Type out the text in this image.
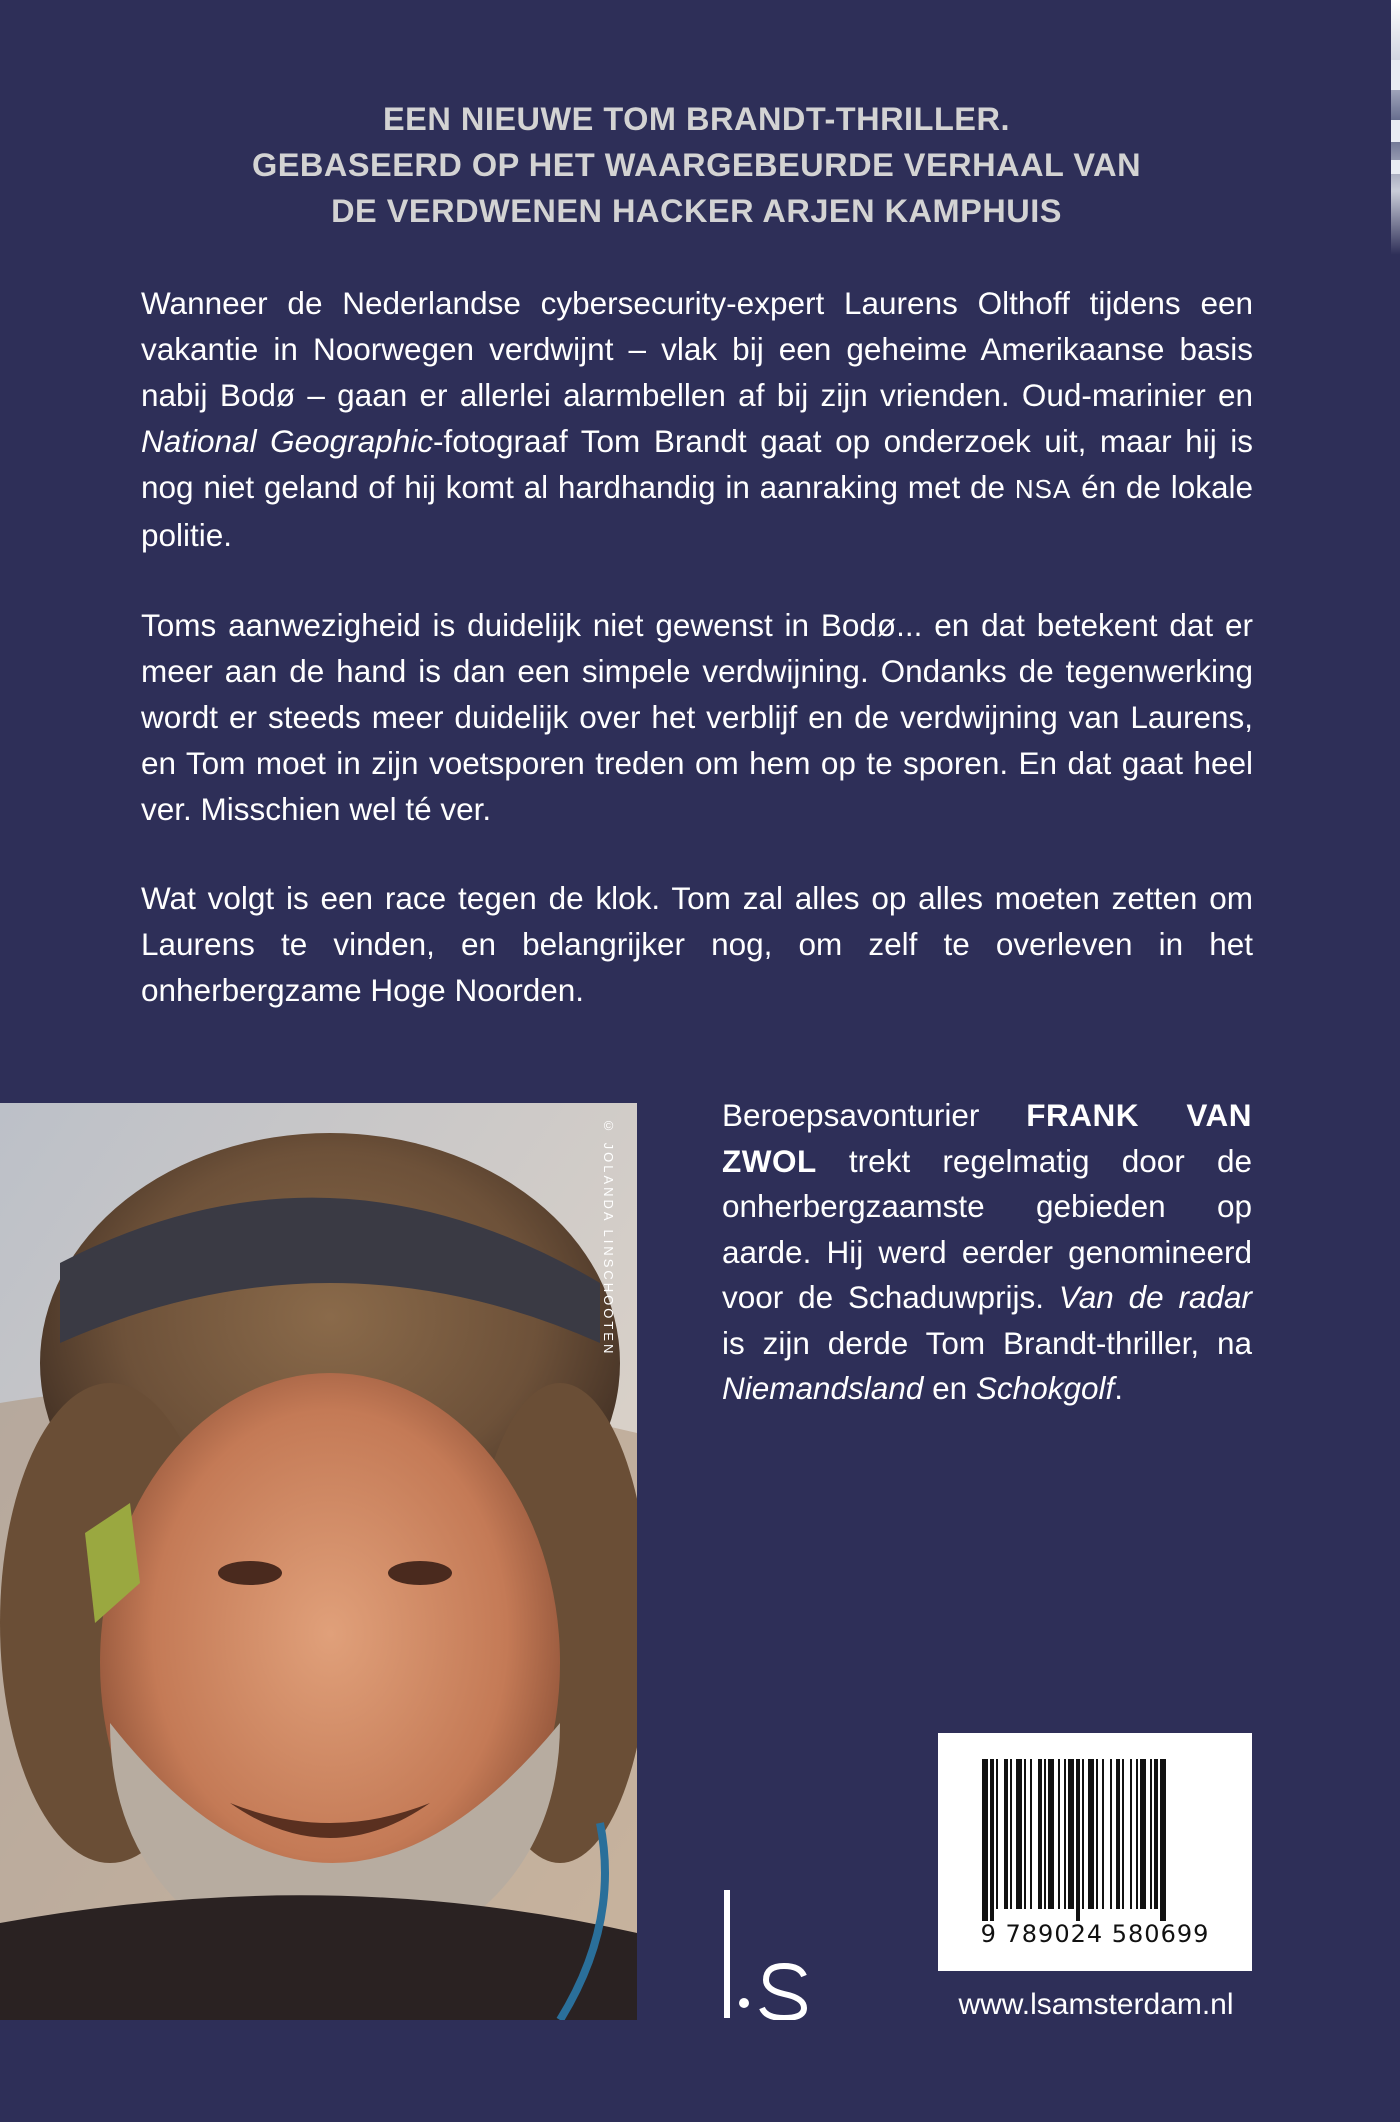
EEN NIEUWE TOM BRANDT-THRILLER.
GEBASEERD OP HET WAARGEBEURDE VERHAAL VAN
DE VERDWENEN HACKER ARJEN KAMPHUIS

Wanneer de Nederlandse cybersecurity-expert Laurens Olthoff tijdens een vakantie in Noorwegen verdwijnt – vlak bij een geheime Amerikaanse basis nabij Bodø – gaan er allerlei alarmbellen af bij zijn vrienden. Oud-marinier en National Geographic-fotograaf Tom Brandt gaat op onderzoek uit, maar hij is nog niet geland of hij komt al hardhandig in aanraking met de NSA én de lokale politie.

Toms aanwezigheid is duidelijk niet gewenst in Bodø... en dat betekent dat er meer aan de hand is dan een simpele verdwijning. Ondanks de tegenwerking wordt er steeds meer duidelijk over het verblijf en de verdwijning van Laurens, en Tom moet in zijn voetsporen treden om hem op te sporen. En dat gaat heel ver. Misschien wel té ver.

Wat volgt is een race tegen de klok. Tom zal alles op alles moeten zetten om Laurens te vinden, en belangrijker nog, om zelf te overleven in het onherbergzame Hoge Noorden.

© JOLANDA LINSCHOOTEN
Beroepsavonturier FRANK VAN ZWOL trekt regelmatig door de onherbergzaamste gebieden op aarde. Hij werd eerder genomineerd voor de Schaduwprijs. Van de radar is zijn derde Tom Brandt-thriller, na Niemandsland en Schokgolf.
9 789024 580699
www.lsamsterdam.nl
